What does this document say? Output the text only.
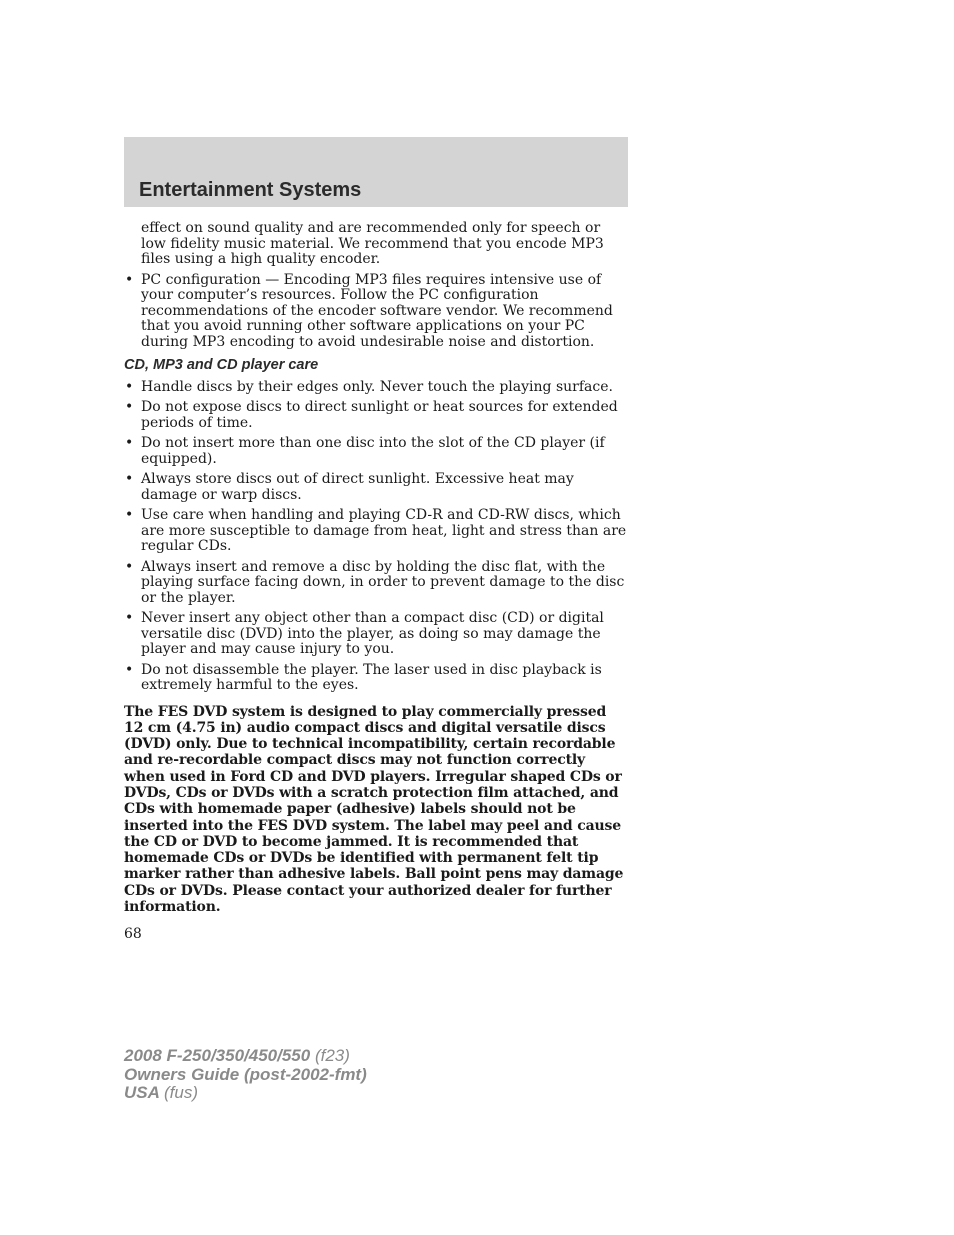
Entertainment Systems

effect on sound quality and are recommended only for speech or low fidelity music material. We recommend that you encode MP3 files using a high quality encoder.

• PC configuration — Encoding MP3 files requires intensive use of your computer’s resources. Follow the PC configuration recommendations of the encoder software vendor. We recommend that you avoid running other software applications on your PC during MP3 encoding to avoid undesirable noise and distortion.
CD, MP3 and CD player care
• Handle discs by their edges only. Never touch the playing surface.
• Do not expose discs to direct sunlight or heat sources for extended periods of time.
• Do not insert more than one disc into the slot of the CD player (if equipped).
• Always store discs out of direct sunlight. Excessive heat may damage or warp discs.
• Use care when handling and playing CD-R and CD-RW discs, which are more susceptible to damage from heat, light and stress than are regular CDs.
• Always insert and remove a disc by holding the disc flat, with the playing surface facing down, in order to prevent damage to the disc or the player.
• Never insert any object other than a compact disc (CD) or digital versatile disc (DVD) into the player, as doing so may damage the player and may cause injury to you.
• Do not disassemble the player. The laser used in disc playback is extremely harmful to the eyes.

The FES DVD system is designed to play commercially pressed 12 cm (4.75 in) audio compact discs and digital versatile discs (DVD) only. Due to technical incompatibility, certain recordable and re-recordable compact discs may not function correctly when used in Ford CD and DVD players. Irregular shaped CDs or DVDs, CDs or DVDs with a scratch protection film attached, and CDs with homemade paper (adhesive) labels should not be inserted into the FES DVD system. The label may peel and cause the CD or DVD to become jammed. It is recommended that homemade CDs or DVDs be identified with permanent felt tip marker rather than adhesive labels. Ball point pens may damage CDs or DVDs. Please contact your authorized dealer for further information.

68
2008 F-250/350/450/550 (f23)
Owners Guide (post-2002-fmt)
USA (fus)
